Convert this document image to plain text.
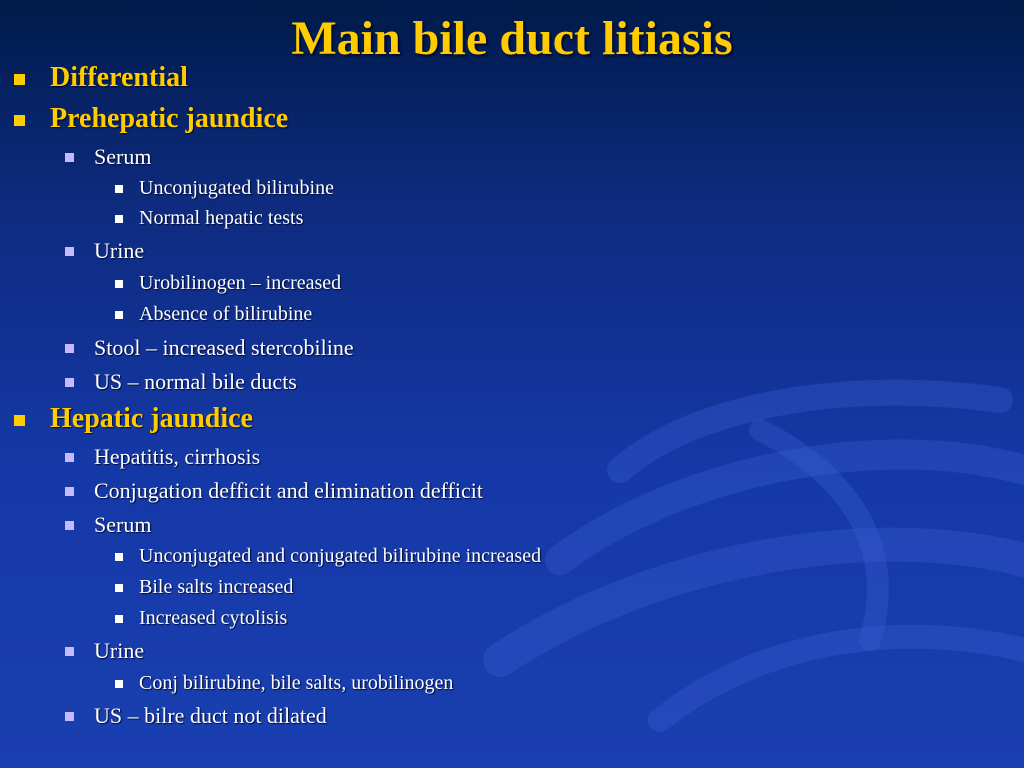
Main bile duct litiasis
Differential
Prehepatic jaundice
Serum
Unconjugated bilirubine
Normal hepatic tests
Urine
Urobilinogen – increased
Absence of bilirubine
Stool – increased stercobiline
US – normal bile ducts
Hepatic jaundice
Hepatitis, cirrhosis
Conjugation defficit and elimination defficit
Serum
Unconjugated and conjugated bilirubine increased
Bile salts increased
Increased cytolisis
Urine
Conj bilirubine, bile salts, urobilinogen
US – bilre duct not dilated
